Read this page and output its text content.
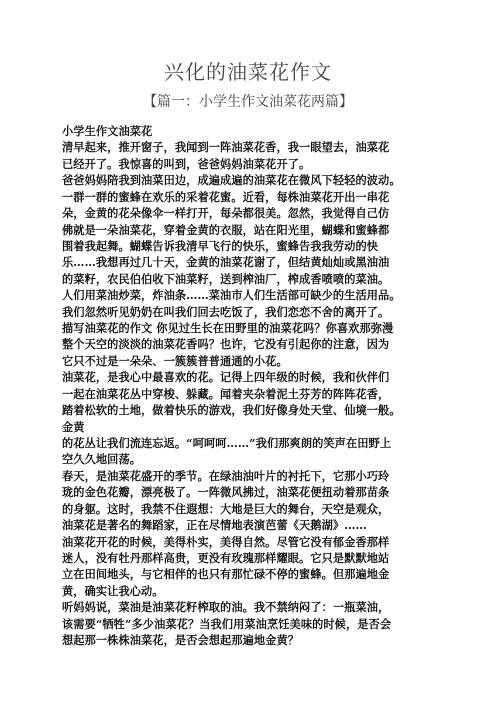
兴化的油菜花作文
【篇一：小学生作文油菜花两篇】
小学生作文油菜花
清早起来，推开窗子，我闻到一阵油菜花香，我一眼望去，油菜花
已经开了。我惊喜的叫到，爸爸妈妈油菜花开了。
爸爸妈妈陪我到油菜田边，成遍成遍的油菜花在微风下轻轻的波动。
一群一群的蜜蜂在欢乐的采着花蜜。近看，每株油菜花开出一串花
朵，金黄的花朵像伞一样打开，每朵都很美。忽然，我觉得自己仿
佛就是一朵油菜花，穿着金黄的衣服，站在阳光里，蝴蝶和蜜蜂都
围着我起舞。蝴蝶告诉我清早飞行的快乐，蜜蜂告我我劳动的快
乐……我想再过几十天，金黄的油菜花谢了，但结黄灿灿或黑油油
的菜籽，农民伯伯收下油菜籽，送到榨油厂，榨成香喷喷的菜油。
人们用菜油炒菜，炸油条……菜油市人们生活部可缺少的生活用品。
我们忽然听见奶奶在叫我们回去吃饭了，我们恋恋不舍的离开了。
描写油菜花的作文 你见过生长在田野里的油菜花吗？你喜欢那弥漫
整个天空的淡淡的油菜花香吗？也许，它没有引起你的注意，因为
它只不过是一朵朵、一簇簇普普通通的小花。
油菜花，是我心中最喜欢的花。记得上四年级的时候，我和伙伴们
一起在油菜花丛中穿梭、躲藏。闻着夹杂着泥土芬芳的阵阵花香，
踏着松软的土地，做着快乐的游戏，我们好像身处天堂、仙境一般。
金黄
的花丛让我们流连忘返。“呵呵呵……”我们那爽朗的笑声在田野上
空久久地回荡。
春天，是油菜花盛开的季节。在绿油油叶片的衬托下，它那小巧玲
珑的金色花瓣，漂亮极了。一阵微风拂过，油菜花便扭动着那苗条
的身躯。这时，我禁不住遐想：大地是巨大的舞台，天空是观众，
油菜花是著名的舞蹈家，正在尽情地表演芭蕾《天鹅湖》……
油菜花开花的时候，美得朴实，美得自然。尽管它没有郁金香那样
迷人，没有牡丹那样高贵，更没有玫瑰那样耀眼。它只是默默地站
立在田间地头，与它相伴的也只有那忙碌不停的蜜蜂。但那遍地金
黄，确实让我心动。
听妈妈说，菜油是油菜花籽榨取的油。我不禁纳闷了：一瓶菜油，
该需要“牺牲”多少油菜花？当我们用菜油烹饪美味的时候，是否会
想起那一株株油菜花，是否会想起那遍地金黄？
